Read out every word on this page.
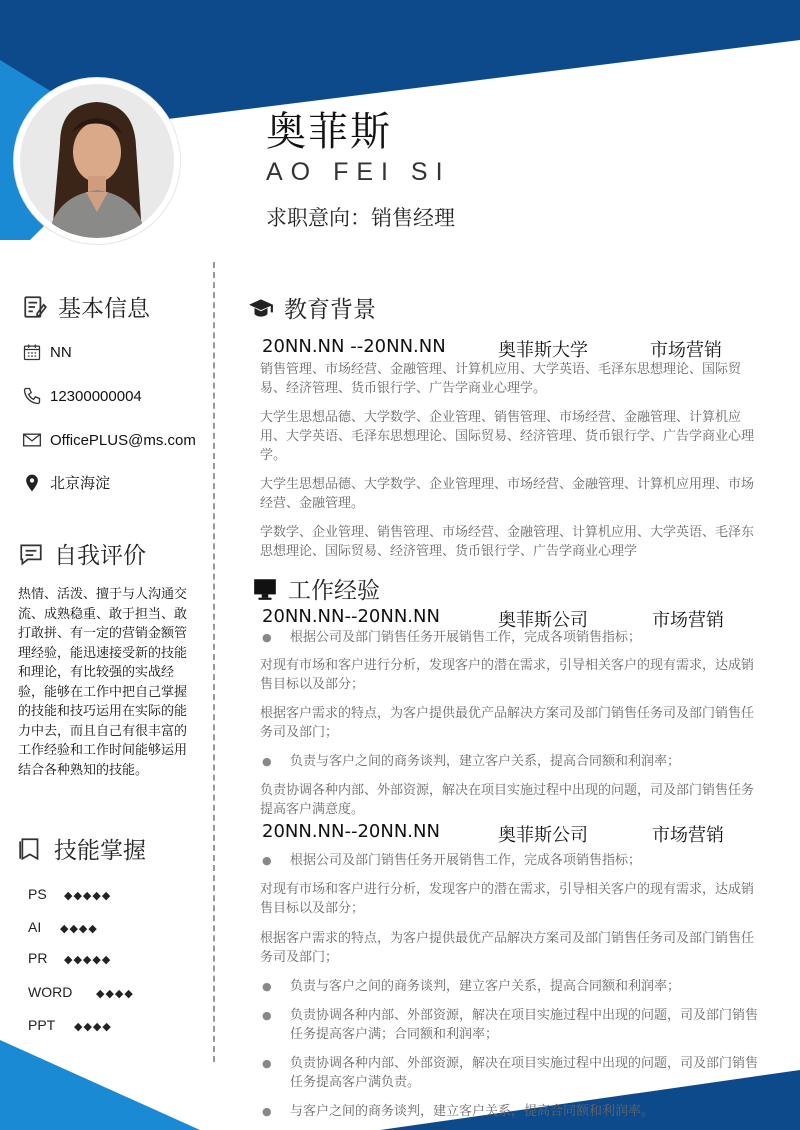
奥菲斯
AO FEI SI
求职意向：销售经理
基本信息
NN
12300000004
OfficePLUS@ms.com
北京海淀
自我评价
热情、活泼、擅于与人沟通交流、成熟稳重、敢于担当、敢打敢拼、有一定的营销金额管理经验，能迅速接受新的技能和理论，有比较强的实战经验，能够在工作中把自己掌握的技能和技巧运用在实际的能力中去，而且自己有很丰富的工作经验和工作时间能够运用结合各种熟知的技能。
技能掌握
PS ◆◆◆◆◆
AI ◆◆◆◆
PR ◆◆◆◆◆
WORD ◆◆◆◆
PPT ◆◆◆◆
教育背景
20NN.NN --20NN.NN	奥菲斯大学	市场营销
销售管理、市场经营、金融管理、计算机应用、大学英语、毛泽东思想理论、国际贸易、经济管理、货币银行学、广告学商业心理学。
大学生思想品德、大学数学、企业管理、销售管理、市场经营、金融管理、计算机应用、大学英语、毛泽东思想理论、国际贸易、经济管理、货币银行学、广告学商业心理学。
大学生思想品德、大学数学、企业管理理、市场经营、金融管理、计算机应用理、市场经营、金融管理。
学数学、企业管理、销售管理、市场经营、金融管理、计算机应用、大学英语、毛泽东思想理论、国际贸易、经济管理、货币银行学、广告学商业心理学
工作经验
20NN.NN--20NN.NN	奥菲斯公司	市场营销
● 根据公司及部门销售任务开展销售工作，完成各项销售指标；
对现有市场和客户进行分析，发现客户的潜在需求，引导相关客户的现有需求，达成销售目标以及部分；
根据客户需求的特点，为客户提供最优产品解决方案司及部门销售任务司及部门销售任务司及部门；
● 负责与客户之间的商务谈判，建立客户关系，提高合同额和利润率；
负责协调各种内部、外部资源，解决在项目实施过程中出现的问题，司及部门销售任务提高客户满意度。
20NN.NN--20NN.NN	奥菲斯公司	市场营销
● 根据公司及部门销售任务开展销售工作，完成各项销售指标；
对现有市场和客户进行分析，发现客户的潜在需求，引导相关客户的现有需求，达成销售目标以及部分；
根据客户需求的特点，为客户提供最优产品解决方案司及部门销售任务司及部门销售任务司及部门；
● 负责与客户之间的商务谈判，建立客户关系，提高合同额和利润率；
● 负责协调各种内部、外部资源，解决在项目实施过程中出现的问题，司及部门销售任务提高客户满；合同额和利润率；
● 负责协调各种内部、外部资源，解决在项目实施过程中出现的问题，司及部门销售任务提高客户满负责。
● 与客户之间的商务谈判，建立客户关系，提高合同额和利润率。
